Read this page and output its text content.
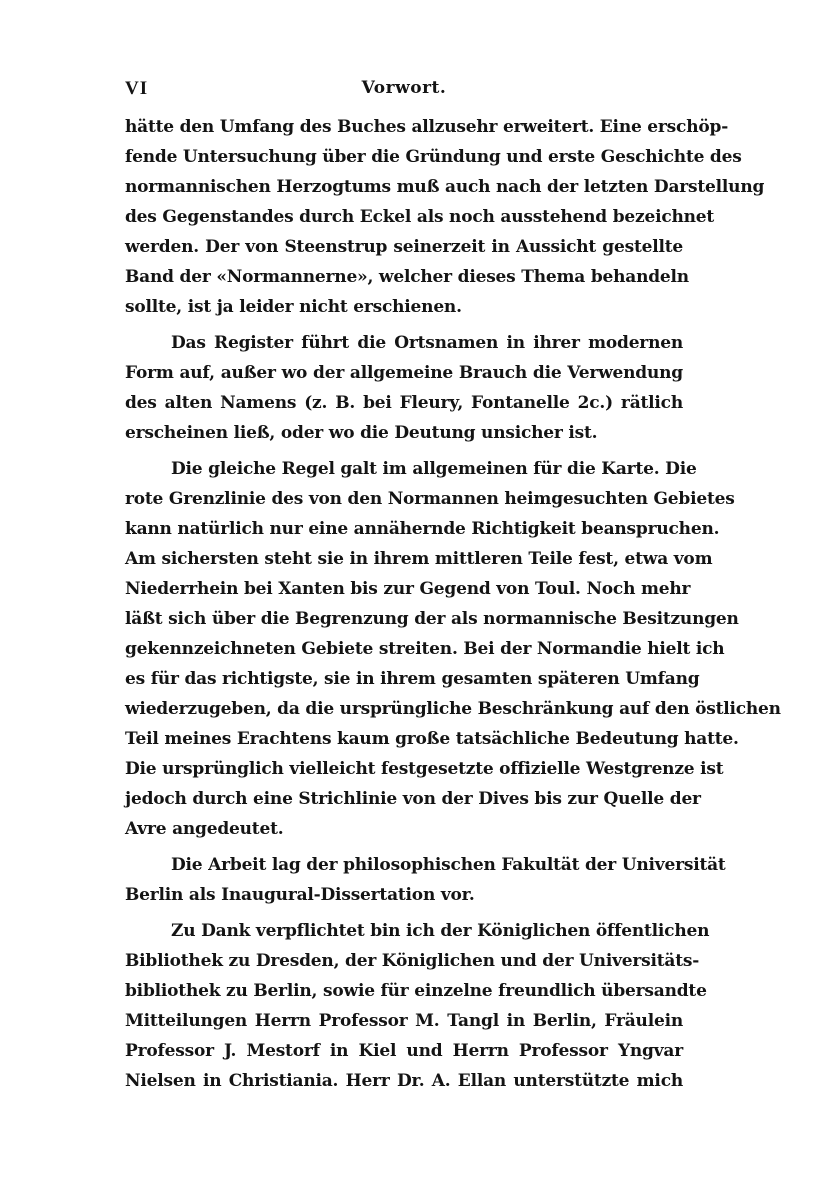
VI	Vorwort.
hätte den Umfang des Buches allzusehr erweitert. Eine erschöp-
fende Untersuchung über die Gründung und erste Geschichte des
normannischen Herzogtums muß auch nach der letzten Darstellung
des Gegenstandes durch Eckel als noch ausstehend bezeichnet
werden. Der von Steenstrup seinerzeit in Aussicht gestellte
Band der «Normannerne», welcher dieses Thema behandeln
sollte, ist ja leider nicht erschienen.
Das Register führt die Ortsnamen in ihrer modernen
Form auf, außer wo der allgemeine Brauch die Verwendung
des alten Namens (z. B. bei Fleury, Fontanelle 2c.) rätlich
erscheinen ließ, oder wo die Deutung unsicher ist.
Die gleiche Regel galt im allgemeinen für die Karte. Die
rote Grenzlinie des von den Normannen heimgesuchten Gebietes
kann natürlich nur eine annähernde Richtigkeit beanspruchen.
Am sichersten steht sie in ihrem mittleren Teile fest, etwa vom
Niederrhein bei Xanten bis zur Gegend von Toul. Noch mehr
läßt sich über die Begrenzung der als normannische Besitzungen
gekennzeichneten Gebiete streiten. Bei der Normandie hielt ich
es für das richtigste, sie in ihrem gesamten späteren Umfang
wiederzugeben, da die ursprüngliche Beschränkung auf den östlichen
Teil meines Erachtens kaum große tatsächliche Bedeutung hatte.
Die ursprünglich vielleicht festgesetzte offizielle Westgrenze ist
jedoch durch eine Strichlinie von der Dives bis zur Quelle der
Avre angedeutet.
Die Arbeit lag der philosophischen Fakultät der Universität
Berlin als Inaugural-Dissertation vor.
Zu Dank verpflichtet bin ich der Königlichen öffentlichen
Bibliothek zu Dresden, der Königlichen und der Universitäts-
bibliothek zu Berlin, sowie für einzelne freundlich übersandte
Mitteilungen Herrn Professor M. Tangl in Berlin, Fräulein
Professor J. Mestorf in Kiel und Herrn Professor Yngvar
Nielsen in Christiania. Herr Dr. A. Ellan unterstützte mich
